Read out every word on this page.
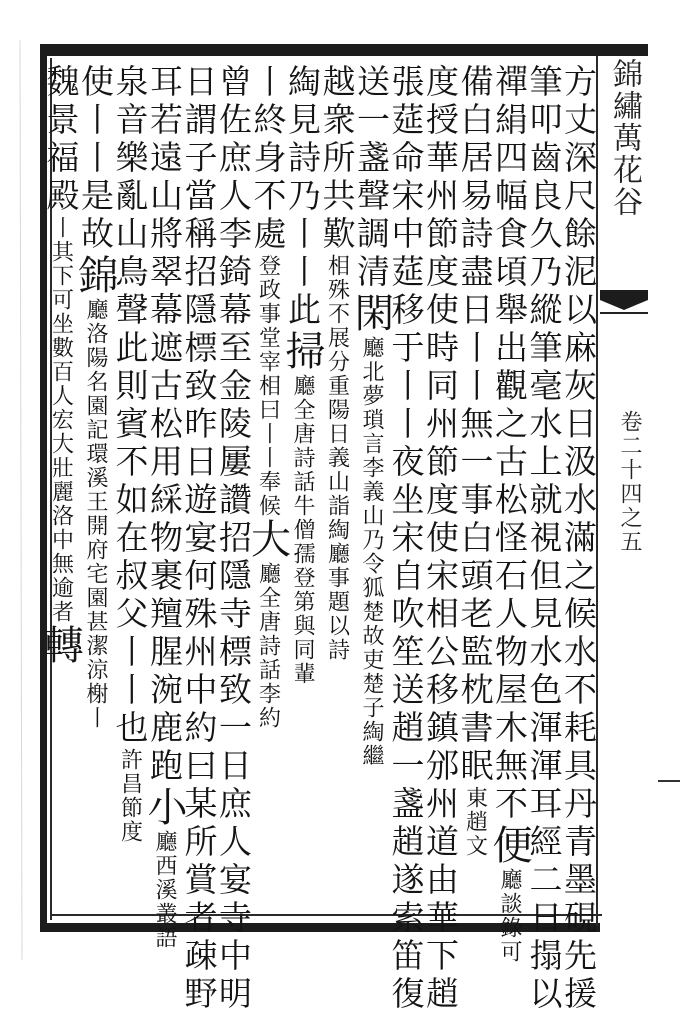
錦繡萬花谷
卷二十四之五
方丈深尺餘泥以麻灰日汲水滿之候水不耗具丹青墨硯先援
筆叩齒良久乃縱筆毫水上就視但見水色渾渾耳經二日搨以
禪絹四幅食頃舉出觀之古松怪石人物屋木無不便廳談錄可
備白居易詩盡日丨丨無一事白頭老監枕書眠東趙文
度授華州節度使時同州節度使宋相公移鎮邠州道由華下趙
張莚命宋中莚移于丨丨夜坐宋自吹笙送趙一盞趙遂索笛復
送一盞聲調清閑廳北夢瑣言李義山乃令狐楚故吏楚子綯繼
越衆所共歎相殊不展分重陽日義山詣綯廳事題以詩
綯見詩乃丨丨此掃廳全唐詩話牛僧孺登第與同輩
丨終身不處登政事堂宰相曰丨丨奉候大廳全唐詩話李約
曾佐庶人李錡幕至金陵屢讚招隱寺標致一日庶人宴寺中明
日謂子當稱招隱標致昨日遊宴何殊州中約曰某所賞者疎野
耳若遠山將翠幕遮古松用綵物裹羶腥涴鹿跑小廳西溪叢語
泉音樂亂山鳥聲此則賓不如在叔父丨丨也許昌節度
使丨丨是故錦廳洛陽名園記環溪王開府宅園甚潔涼榭丨
魏景福殿丨其下可坐數百人宏大壯麗洛中無逾者轉
